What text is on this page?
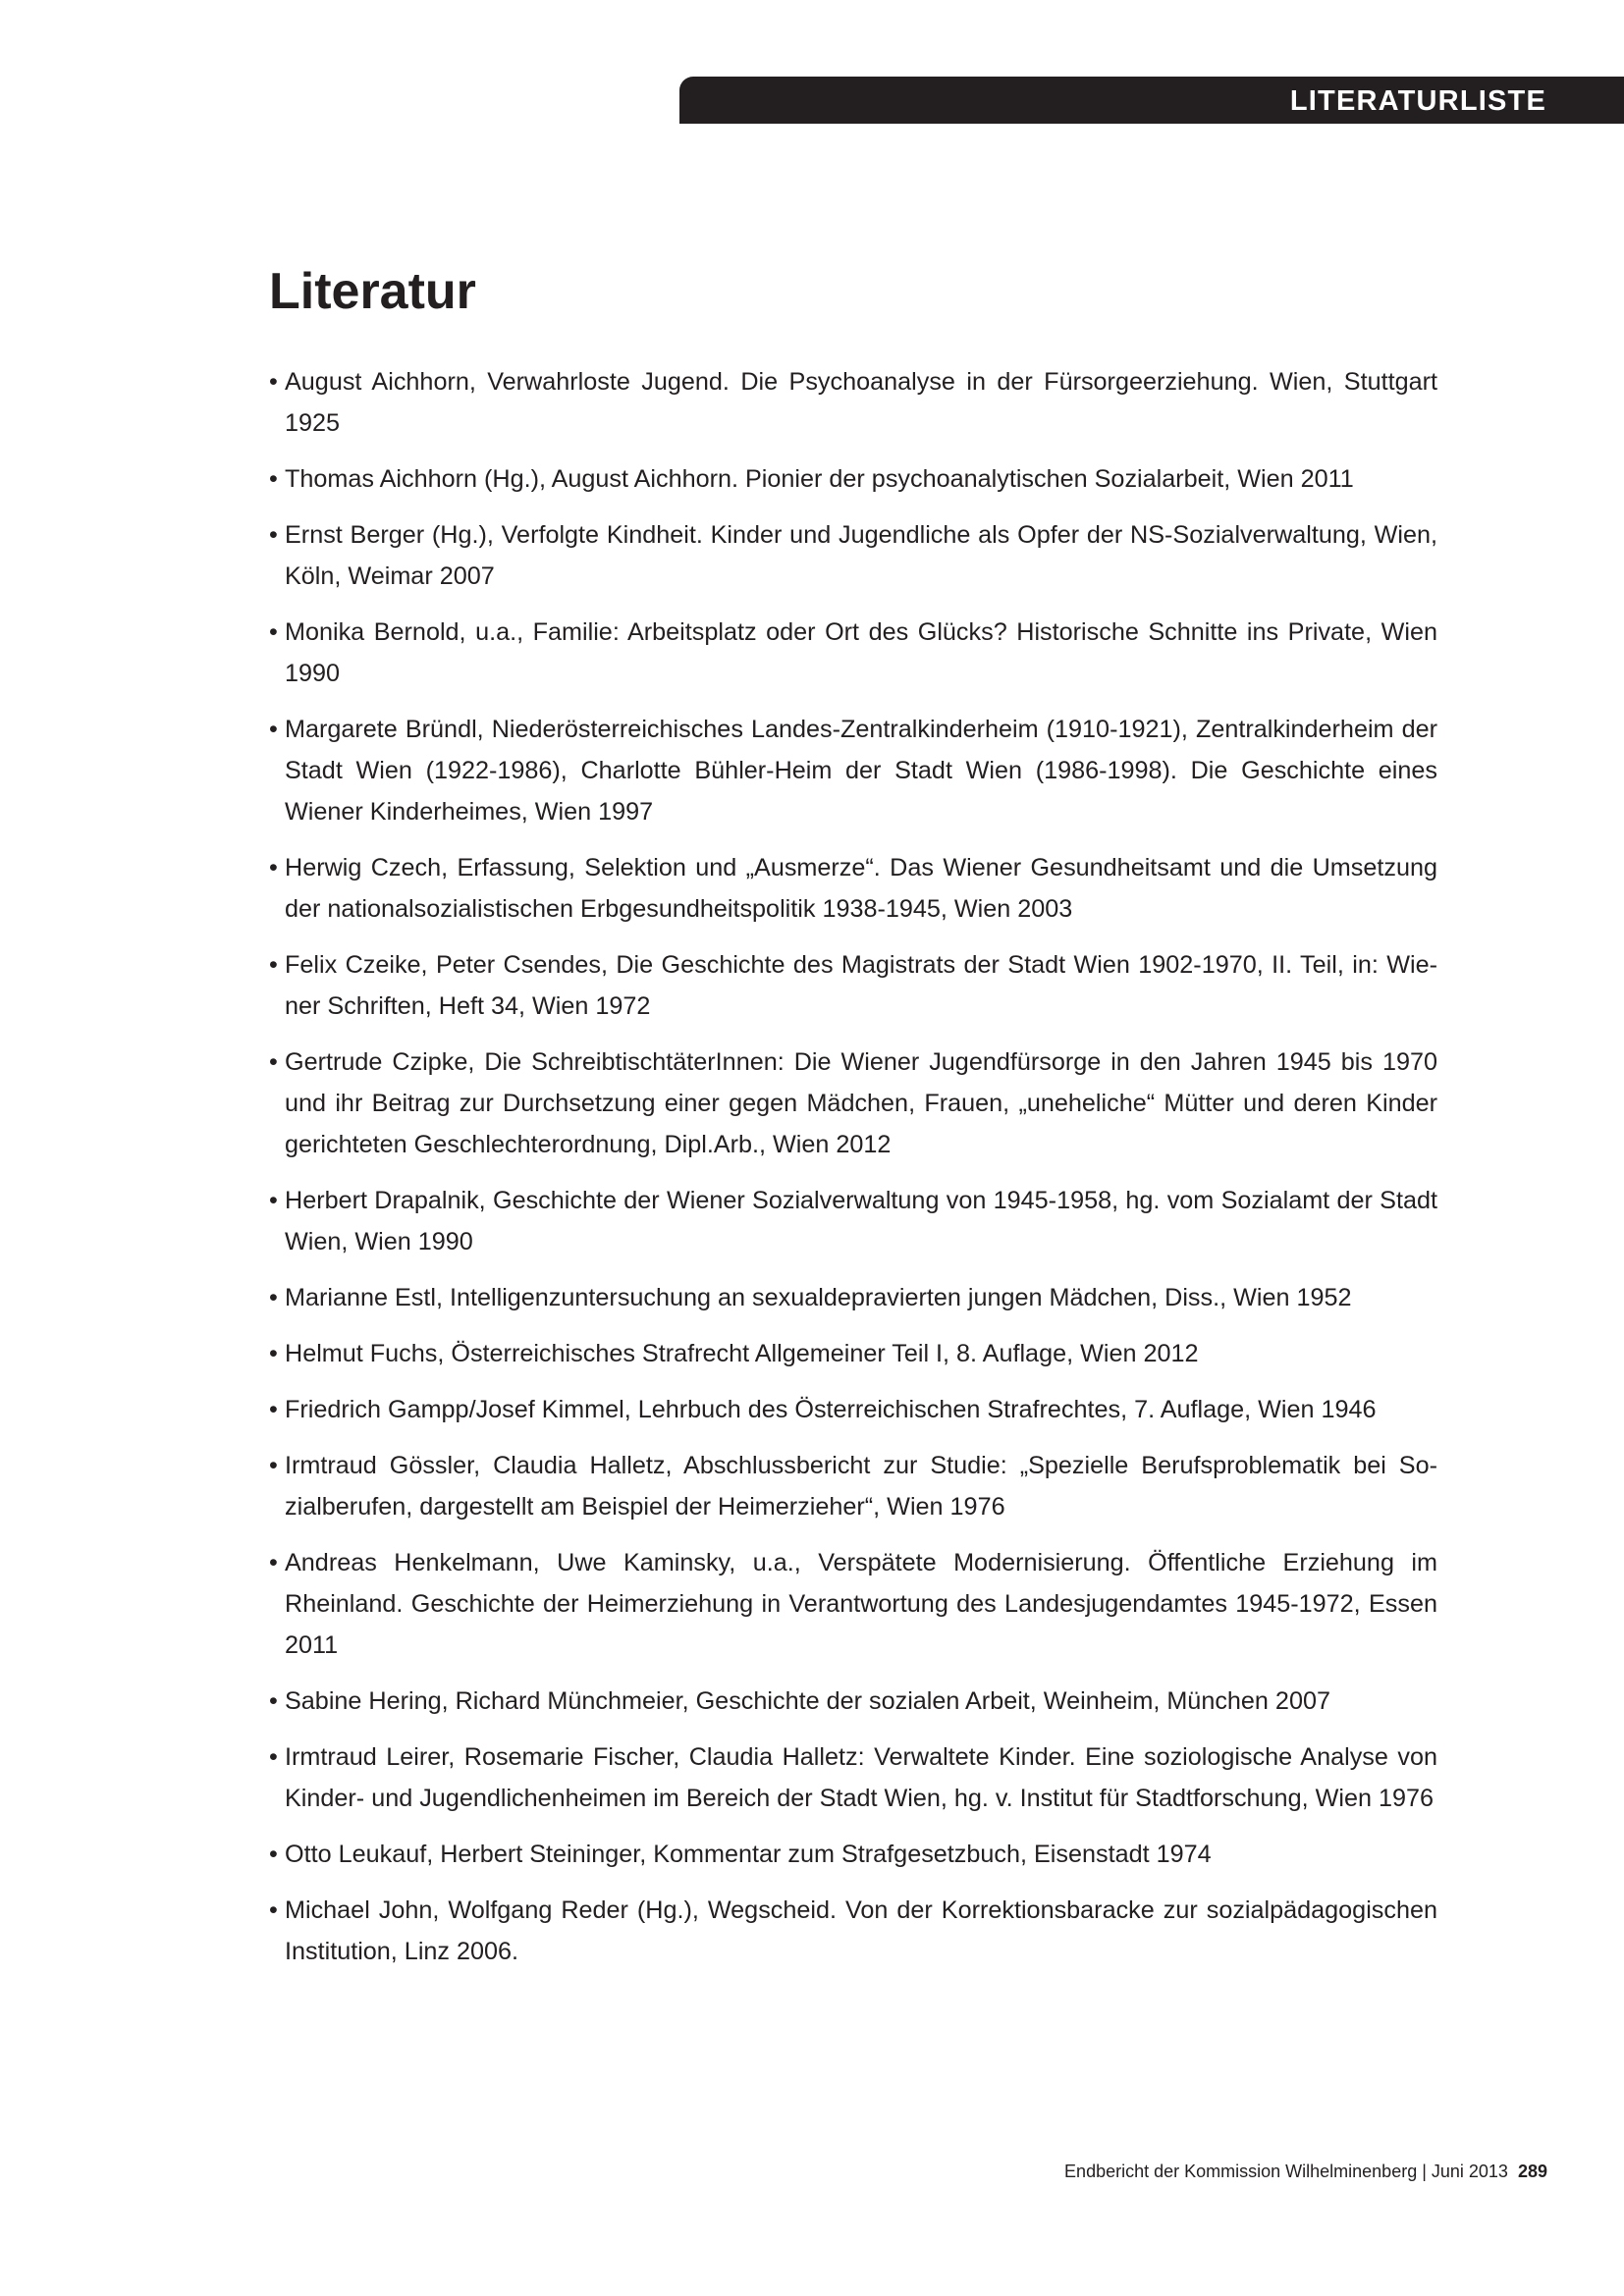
LITERATURLISTE
Literatur
• August Aichhorn, Verwahrloste Jugend. Die Psychoanalyse in der Fürsorgeerziehung. Wien, Stuttgart 1925
• Thomas Aichhorn (Hg.), August Aichhorn. Pionier der psychoanalytischen Sozialarbeit, Wien 2011
• Ernst Berger (Hg.), Verfolgte Kindheit. Kinder und Jugendliche als Opfer der NS-Sozialverwaltung, Wien, Köln, Weimar 2007
• Monika Bernold, u.a., Familie: Arbeitsplatz oder Ort des Glücks? Historische Schnitte ins Private, Wien 1990
• Margarete Bründl, Niederösterreichisches Landes-Zentralkinderheim (1910-1921), Zentralkinderheim der Stadt Wien (1922-1986), Charlotte Bühler-Heim der Stadt Wien (1986-1998). Die Geschichte eines Wiener Kinderheimes, Wien 1997
• Herwig Czech, Erfassung, Selektion und „Ausmerze“. Das Wiener Gesundheitsamt und die Umsetzung der nationalsozialistischen Erbgesundheitspolitik 1938-1945, Wien 2003
• Felix Czeike, Peter Csendes, Die Geschichte des Magistrats der Stadt Wien 1902-1970, II. Teil, in: Wiener Schriften, Heft 34, Wien 1972
• Gertrude Czipke, Die SchreibtischtäterInnen: Die Wiener Jugendfürsorge in den Jahren 1945 bis 1970 und ihr Beitrag zur Durchsetzung einer gegen Mädchen, Frauen, „uneheliche“ Mütter und deren Kinder gerichteten Geschlechterordnung, Dipl.Arb., Wien 2012
• Herbert Drapalnik, Geschichte der Wiener Sozialverwaltung von 1945-1958, hg. vom Sozialamt der Stadt Wien, Wien 1990
• Marianne Estl, Intelligenzuntersuchung an sexualdepravierten jungen Mädchen, Diss., Wien 1952
• Helmut Fuchs, Österreichisches Strafrecht Allgemeiner Teil I, 8. Auflage, Wien 2012
• Friedrich Gampp/Josef Kimmel, Lehrbuch des Österreichischen Strafrechtes, 7. Auflage, Wien 1946
• Irmtraud Gössler, Claudia Halletz, Abschlussbericht zur Studie: „Spezielle Berufsproblematik bei Sozialberufen, dargestellt am Beispiel der Heimerzieher“, Wien 1976
• Andreas Henkelmann, Uwe Kaminsky, u.a., Verspätete Modernisierung. Öffentliche Erziehung im Rheinland. Geschichte der Heimerziehung in Verantwortung des Landesjugendamtes 1945-1972, Essen 2011
• Sabine Hering, Richard Münchmeier, Geschichte der sozialen Arbeit, Weinheim, München 2007
• Irmtraud Leirer, Rosemarie Fischer, Claudia Halletz: Verwaltete Kinder. Eine soziologische Analyse von Kinder- und Jugendlichenheimen im Bereich der Stadt Wien, hg. v. Institut für Stadtforschung, Wien 1976
• Otto Leukauf, Herbert Steininger, Kommentar zum Strafgesetzbuch, Eisenstadt 1974
• Michael John, Wolfgang Reder (Hg.), Wegscheid. Von der Korrektionsbaracke zur sozialpädagogischen Institution, Linz 2006.
Endbericht der Kommission Wilhelminenberg | Juni 2013 289
